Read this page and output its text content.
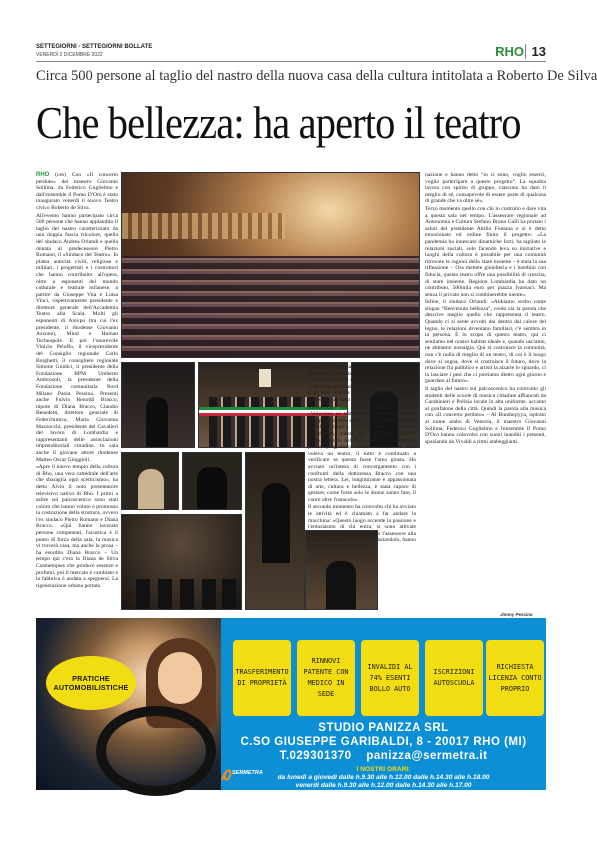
SETTEGIORNI - SETTEGIORNI BOLLATE
VENERDÌ 2 DICEMBRE 2022	RHO 13
Circa 500 persone al taglio del nastro della nuova casa della cultura intitolata a Roberto De Silva
Che bellezza: ha aperto il teatro

RHO (ces) Con «Il concerto perduto» del maestro Giovanni Sollima, da Federico Guglielmo e dall'ensemble il Pomo D'Oro è stato inaugurato venerdì il nuovo Teatro civico Roberto de Silva.

All'evento hanno partecipato circa 500 persone che hanno applaudito il taglio del nastro caratterizzato da una doppia fascia tricolore, quella del sindaco Andrea Orlandi e quella donata al predecessore Pietro Romano, il «Sindaco del Teatro». In platea autorità civili, religiose e militari, i progettisti e i costruttori che hanno contribuito all'opera, oltre a esponenti del mondo culturale e teatrale milanese, a partire da Giuseppe Vita e Luisa Vinci, rispettivamente presidente e direttore generale dell'Accademia Teatro alla Scala. Molti gli esponenti di Arexpo (tra cui l'ex presidente, il rhodense Giovanni Azzone), Mind e Human Technopole. E poi l'onorevole Vinicio Peluffo, il vicepresidente del Consiglio regionale Carlo Borghetti, il consigliere regionale Simone Giudici, il presidente della Fondazione BPM Umberto Ambrosoli, la presidente della Fondazione comunitaria Nord Milano Paola Pessina. Presenti anche Fulvio Renoldi Bracco, nipote di Diana Bracco, Claudio Benedetti, direttore generale di Federchimica, Maria Giovanna Mazzocchi, presidente del Cavalieri del lavoro di Lombardia e rappresentanti delle associazioni imprenditoriali cittadine. In sala anche il giovane attore rhodense Matteo Oscar Giuggioli.

«Apre il nuovo tempio della cultura di Rho, una vera cattedrale dell'arte che sbaraglia ogni scetticismo», ha detto Alvin il noto presentatore televisivo nativo di Rho. I primi a salire sul palcoscenico sono stati coloro che hanno voluto e promosso la costruzione della struttura, ovvero l'ex sindaco Pietro Romano e Diana Bracco. «Qui hanno lavorato persone competenti, l'acustica è il punto di forza della sala, la musica vi troverà casa, ma anche la prosa – ha esordito Diana Bracco – Un tempo qui c'era la Diana de Silva Cosmetiques che produce essenze e profumi, poi il mercato è cambiato e la fabbrica è andata a spegnersi. La rigenerazione urbana portata

avanti è interessante sotto tanti aspetti. La pergamena deposta nella prima pietra racconta il sogno di questa scatola magica, un luogo per le giovani generazioni, dove il loro entusiasmo e la loro energia trovino spazio. Credo che l'obiettivo sia stato centrato».

Emozionato l'ex primo cittadino Romano. «Volevamo un teatro bello e flessibile, capace di ospitare diversi eventi, da lì è nata l'idea della scatola magica. Ora sono veramente emozionato, questa sala l'ho vista crescere. Tutto è partito nel 2011 quando scrivemmo il primo programma amministrativo: la città voleva un teatro, il tutto è continuato a verificare se questa fosse l'area giusta. Ho avviato un'intesa di convergamento con i confronti della dottoressa Bracco con una nostra lettera. Lei, lungimirante e appassionata di arte, cultura e bellezza, è stata capace di gestare, come forse solo le donne sanno fare, il cuore oltre l'ostacolo».

Il secondo momento ha coinvolto chi ha avviato le attività ed è chiamato a far andare la macchina: «Questo luogo accende la passione e l'entusiasmo di chi entra, si sono attivate energie straordinarie – ha detto l'assessore alla Cultura Valentina Giro Tanti, visitandolo, hanno avuto una sorta di illumi-

nazione e hanno detto “io ci sono, voglio esserci, voglio partecipare a questo progetto”. La squadra lavora con spirito di gruppo, ciascuno ha dato il meglio di sé, consapevole di essere parte di qualcosa di grande che va oltre sé».

Terzo momento quello con chi lo costruito e dare vita a questa sala nel tempo. L'assessore regionale ad Autonomia e Cultura Stefano Bruno Galli ha portato i saluti del presidente Attilio Fontana e si è detto emozionato ed ordine finito il progetto: «La pandemia ha innescato dinamiche forti, ha tagliato le relazioni sociali, solo facendo leva su iniziative e luoghi della cultura è possibile per una comunità ritrovare le ragioni dello stare insieme – è stata la sua riflessione – Ora mettete gioielleria e i bambini con fiducia, questo teatro offre una possibilità di crescita, di stare insieme. Regione Lombardia ha dato un contributo, 500mila euro per piazza Ivansaci. Ma senza il privato non si combinerebbe niente».

Infine, il sindaco Orlandi: «Abbiamo scelto come slogan “Benvenuta bellezza”, credo sia la parola che descrive meglio quello che rappresenta il teatro. Quando ci si sente avvolti dai dentro dal calore del legno, le relazioni diventano familiari, c'è sembra in la persona. È lo scopo di questo teatro, qui ci sentiamo nel nostro habitat ideale e, quando usciamo, ne abbiamo nostalgia. Qui si costruisce la comunità, non c'è nulla di meglio di un teatro, di cui è il luogo dove si sogna, dove si costruisce il futuro, dove la relazione fra pubblico e artisti la alzarle lo sguardo, ci la lasciare i pesi che ci portiamo dietro ogni giorno e guardare al futuro».

Il taglio del nastro sul palcoscenico ha coinvolto gli studenti delle scuole di musica cittadine affiancati da Carabinieri e Polizia locale in alta uniforme, accanto al gonfalone della città. Quindi la parola alla musica con «Il concerto perduto» – Al Bunduqiyya, ispirato al nome arabo di Venezia, il maestro Giovanni Sollima, Federico Guglielmo e l'ensemble Il Pomo D'Oro hanno coinvolto con suoni inauditi i presenti, spaziando da Vivaldi a ritmi arabeggianti.

Jimmy Pessina
PRATICHE AUTOMOBILISTICHE
TRASFERIMENTO DI PROPRIETÀ
RINNOVI PATENTE CON MEDICO IN SEDE
INVALIDI AL 74% ESENTI BOLLO AUTO
ISCRIZIONI AUTOSCUOLA
RICHIESTA LICENZA CONTO PROPRIO
STUDIO PANIZZA SRL
C.SO GIUSEPPE GARIBALDI, 8 - 20017 RHO (MI)
T.029301370    panizza@sermetra.it
I NOSTRI ORARI:
da lunedì a giovedì dalle h.9.30 alle h.12.00 dalle h.14.30 alle h.18.00
venerdì dalle h.9.30 alle h.12.00 dalle h.14.30 alle h.17.00
SERMETRA
